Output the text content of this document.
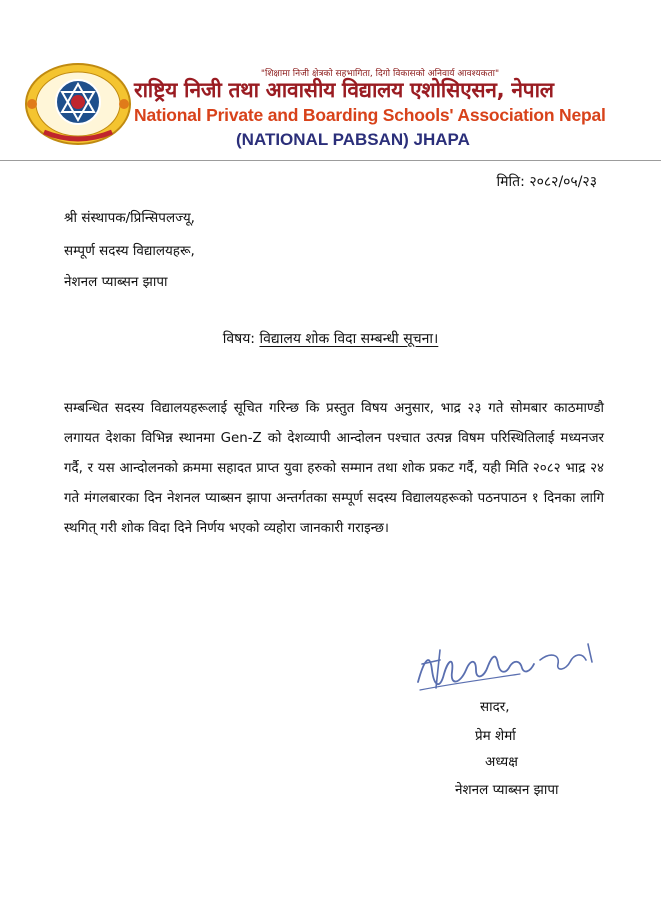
"शिक्षामा निजी क्षेत्रको सहभागिता, दिगो विकासको अनिवार्य आवश्यकता"
राष्ट्रिय निजी तथा आवासीय विद्यालय एशोसिएसन, नेपाल
National Private and Boarding Schools' Association Nepal
(NATIONAL PABSAN) JHAPA
मिति: २०८२/०५/२३
श्री संस्थापक/प्रिन्सिपलज्यू,
सम्पूर्ण सदस्य विद्यालयहरू,
नेशनल प्याब्सन झापा
विषय: विद्यालय शोक विदा सम्बन्धी सूचना।
सम्बन्धित सदस्य विद्यालयहरूलाई सूचित गरिन्छ कि प्रस्तुत विषय अनुसार, भाद्र २३ गते सोमबार काठमाण्डौ लगायत देशका विभिन्न स्थानमा Gen-Z को देशव्यापी आन्दोलन पश्चात उत्पन्न विषम परिस्थितिलाई मध्यनजर गर्दै, र यस आन्दोलनको क्रममा सहादत प्राप्त युवा हरुको सम्मान तथा शोक प्रकट गर्दै, यही मिति २०८२ भाद्र २४ गते मंगलबारका दिन नेशनल प्याब्सन झापा अन्तर्गतका सम्पूर्ण सदस्य विद्यालयहरूको पठनपाठन १ दिनका लागि स्थगित् गरी शोक विदा दिने निर्णय भएको व्यहोरा जानकारी गराइन्छ।
सादर,
प्रेम शेर्मा
अध्यक्ष
नेशनल प्याब्सन झापा
